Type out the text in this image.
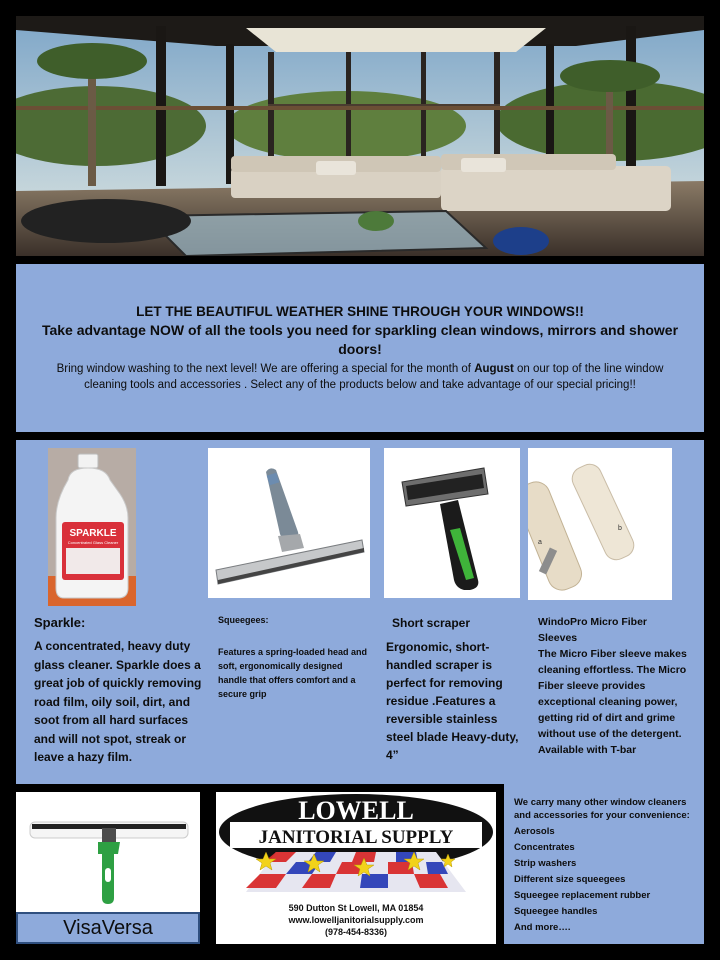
LET THE BEAUTIFUL WEATHER SHINE THROUGH YOUR WINDOWS!!
Take advantage NOW of all the tools you need for sparkling clean windows, mirrors and shower doors!
Bring window washing to the next level! We are offering a special for the month of August on our top of the line window cleaning tools and accessories . Select any of the products below and take advantage of our special pricing!!
SPARKLE
Concentrated Glass Cleaner	a
b
Sparkle:
A concentrated, heavy duty glass cleaner. Sparkle does a great job of quickly removing road film, oily soil, dirt, and soot from all hard surfaces and will not spot, streak or leave a hazy film.
Squeegees:
Features a spring-loaded head and soft, ergonomically designed handle that offers comfort and a secure grip
Short scraper
Ergonomic, short-handled scraper is perfect for removing residue .Features a reversible stainless steel blade Heavy-duty, 4”
WindoPro Micro Fiber Sleeves
The Micro Fiber sleeve makes cleaning effortless. The Micro Fiber sleeve provides exceptional cleaning power, getting rid of dirt and grime without use of the detergent. Available with T-bar
VisaVersa
LOWELL
JANITORIAL SUPPLY
590 Dutton St Lowell, MA 01854
www.lowelljanitorialsupply.com
(978-454-8336)
We carry many other window cleaners and accessories for your convenience:
Aerosols
Concentrates
Strip washers
Different size squeegees
Squeegee replacement rubber
Squeegee handles
And more….
